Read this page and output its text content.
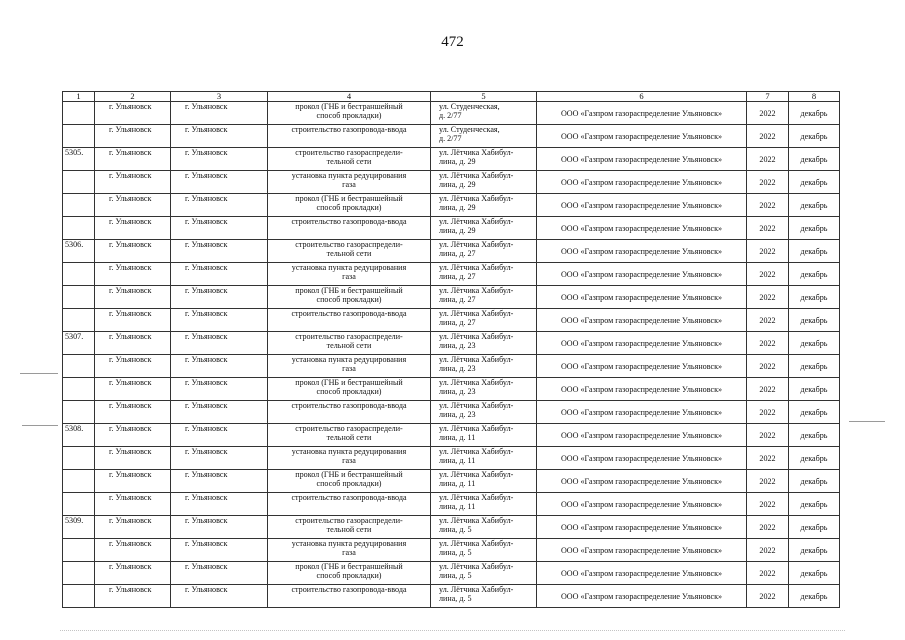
472
1	2	3	4	5	6	7	8
	г. Ульяновск	г. Ульяновск	прокол (ГНБ и бестраншейный
способ прокладки)	ул. Студенческая,
д. 2/77	ООО «Газпром газораспределение Ульяновск»	2022	декабрь
	г. Ульяновск	г. Ульяновск	строительство газопровода-ввода	ул. Студенческая,
д. 2/77	ООО «Газпром газораспределение Ульяновск»	2022	декабрь
5305.	г. Ульяновск	г. Ульяновск	строительство газораспредели-
тельной сети	ул. Лётчика Хабибул-
лина, д. 29	ООО «Газпром газораспределение Ульяновск»	2022	декабрь
	г. Ульяновск	г. Ульяновск	установка пункта редуцирования
газа	ул. Лётчика Хабибул-
лина, д. 29	ООО «Газпром газораспределение Ульяновск»	2022	декабрь
	г. Ульяновск	г. Ульяновск	прокол (ГНБ и бестраншейный
способ прокладки)	ул. Лётчика Хабибул-
лина, д. 29	ООО «Газпром газораспределение Ульяновск»	2022	декабрь
	г. Ульяновск	г. Ульяновск	строительство газопровода-ввода	ул. Лётчика Хабибул-
лина, д. 29	ООО «Газпром газораспределение Ульяновск»	2022	декабрь
5306.	г. Ульяновск	г. Ульяновск	строительство газораспредели-
тельной сети	ул. Лётчика Хабибул-
лина, д. 27	ООО «Газпром газораспределение Ульяновск»	2022	декабрь
	г. Ульяновск	г. Ульяновск	установка пункта редуцирования
газа	ул. Лётчика Хабибул-
лина, д. 27	ООО «Газпром газораспределение Ульяновск»	2022	декабрь
	г. Ульяновск	г. Ульяновск	прокол (ГНБ и бестраншейный
способ прокладки)	ул. Лётчика Хабибул-
лина, д. 27	ООО «Газпром газораспределение Ульяновск»	2022	декабрь
	г. Ульяновск	г. Ульяновск	строительство газопровода-ввода	ул. Лётчика Хабибул-
лина, д. 27	ООО «Газпром газораспределение Ульяновск»	2022	декабрь
5307.	г. Ульяновск	г. Ульяновск	строительство газораспредели-
тельной сети	ул. Лётчика Хабибул-
лина, д. 23	ООО «Газпром газораспределение Ульяновск»	2022	декабрь
	г. Ульяновск	г. Ульяновск	установка пункта редуцирования
газа	ул. Лётчика Хабибул-
лина, д. 23	ООО «Газпром газораспределение Ульяновск»	2022	декабрь
	г. Ульяновск	г. Ульяновск	прокол (ГНБ и бестраншейный
способ прокладки)	ул. Лётчика Хабибул-
лина, д. 23	ООО «Газпром газораспределение Ульяновск»	2022	декабрь
	г. Ульяновск	г. Ульяновск	строительство газопровода-ввода	ул. Лётчика Хабибул-
лина, д. 23	ООО «Газпром газораспределение Ульяновск»	2022	декабрь
5308.	г. Ульяновск	г. Ульяновск	строительство газораспредели-
тельной сети	ул. Лётчика Хабибул-
лина, д. 11	ООО «Газпром газораспределение Ульяновск»	2022	декабрь
	г. Ульяновск	г. Ульяновск	установка пункта редуцирования
газа	ул. Лётчика Хабибул-
лина, д. 11	ООО «Газпром газораспределение Ульяновск»	2022	декабрь
	г. Ульяновск	г. Ульяновск	прокол (ГНБ и бестраншейный
способ прокладки)	ул. Лётчика Хабибул-
лина, д. 11	ООО «Газпром газораспределение Ульяновск»	2022	декабрь
	г. Ульяновск	г. Ульяновск	строительство газопровода-ввода	ул. Лётчика Хабибул-
лина, д. 11	ООО «Газпром газораспределение Ульяновск»	2022	декабрь
5309.	г. Ульяновск	г. Ульяновск	строительство газораспредели-
тельной сети	ул. Лётчика Хабибул-
лина, д. 5	ООО «Газпром газораспределение Ульяновск»	2022	декабрь
	г. Ульяновск	г. Ульяновск	установка пункта редуцирования
газа	ул. Лётчика Хабибул-
лина, д. 5	ООО «Газпром газораспределение Ульяновск»	2022	декабрь
	г. Ульяновск	г. Ульяновск	прокол (ГНБ и бестраншейный
способ прокладки)	ул. Лётчика Хабибул-
лина, д. 5	ООО «Газпром газораспределение Ульяновск»	2022	декабрь
	г. Ульяновск	г. Ульяновск	строительство газопровода-ввода	ул. Лётчика Хабибул-
лина, д. 5	ООО «Газпром газораспределение Ульяновск»	2022	декабрь
